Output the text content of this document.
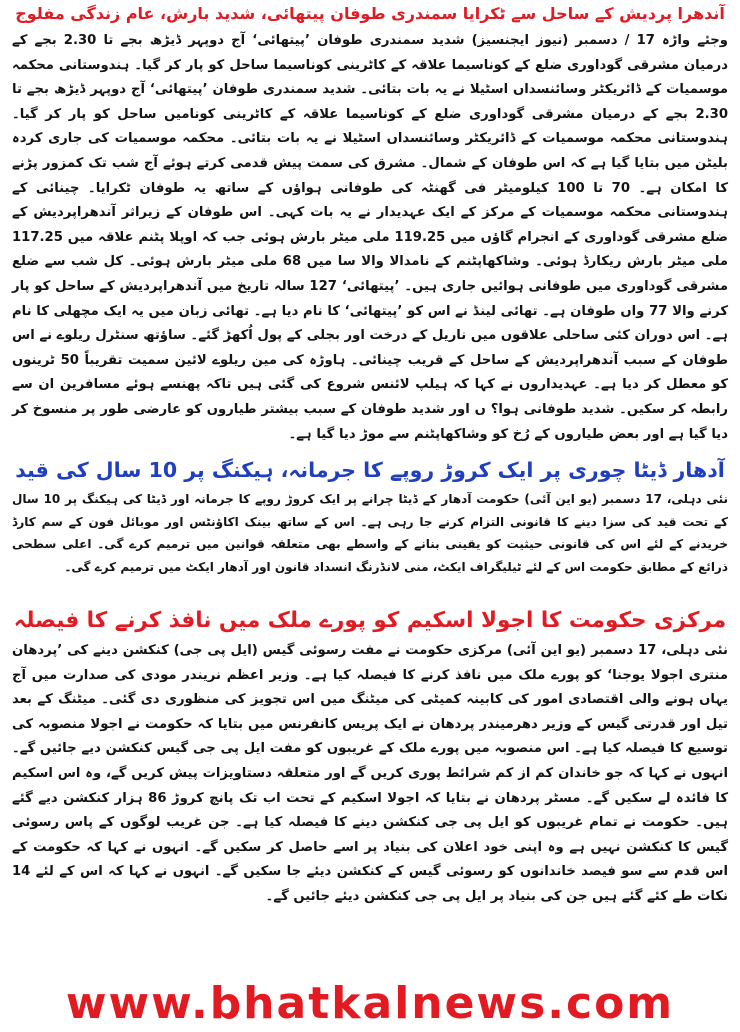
آندھرا پردیش کے ساحل سے ٹکرایا سمندری طوفان پیتھائی، شدید بارش، عام زندگی مفلوج
وجئے واڑہ 17 / دسمبر (نیوز ایجنسیز) شدید سمندری طوفان ’پیتھائی‘ آج دوپہر ڈیڑھ بجے تا 2.30 بجے کے درمیان مشرقی گوداوری ضلع کے کوناسیما علاقہ کے کاٹرینی کوناسیما ساحل کو پار کر گیا۔ ہندوستانی محکمہ موسمیات کے ڈائریکٹر وسائنسداں اسٹیلا نے یہ بات بتائی۔ شدید سمندری طوفان ’پیتھائی‘ آج دوپہر ڈیڑھ بجے تا 2.30 بجے کے درمیان مشرقی گوداوری ضلع کے کوناسیما علاقہ کے کاٹرینی کونامیں ساحل کو پار کر گیا۔ ہندوستانی محکمہ موسمیات کے ڈائریکٹر وسائنسداں اسٹیلا نے یہ بات بتائی۔ محکمہ موسمیات کی جاری کردہ بلیٹن میں بتایا گیا ہے کہ اس طوفان کے شمال۔ مشرق کی سمت پیش قدمی کرتے ہوئے آج شب تک کمزور پڑنے کا امکان ہے۔ 70 تا 100 کیلومیٹر فی گھنٹہ کی طوفانی ہواؤں کے ساتھ یہ طوفان ٹکرایا۔ چینائی کے ہندوستانی محکمہ موسمیات کے مرکز کے ایک عہدیدار نے یہ بات کہی۔ اس طوفان کے زیراثر آندھراپردیش کے ضلع مشرقی گوداوری کے انجرام گاؤں میں 119.25 ملی میٹر بارش ہوئی جب کہ اوپلا پٹنم علاقہ میں 117.25 ملی میٹر بارش ریکارڈ ہوئی۔ وشاکھاپٹنم کے نامدالا والا سا میں 68 ملی میٹر بارش ہوئی۔ کل شب سے ضلع مشرقی گوداوری میں طوفانی ہوائیں جاری ہیں۔ ’پیتھائی‘ 127 سالہ تاریخ میں آندھراپردیش کے ساحل کو پار کرنے والا 77 واں طوفان ہے۔ تھائی لینڈ نے اس کو ’پیتھائی‘ کا نام دیا ہے۔ تھائی زبان میں یہ ایک مچھلی کا نام ہے۔ اس دوران کئی ساحلی علاقوں میں ناریل کے درخت اور بجلی کے پول اُکھڑ گئے۔ ساؤتھ سنٹرل ریلوے نے اس طوفان کے سبب آندھراپردیش کے ساحل کے قریب چینائی۔ ہاوڑہ کی مین ریلوے لائین سمیت تقریباً 50 ٹرینوں کو معطل کر دیا ہے۔ عہدیداروں نے کہا کہ ہیلپ لائنس شروع کی گئی ہیں تاکہ پھنسے ہوئے مسافرین ان سے رابطہ کر سکیں۔ شدید طوفانی ہوا؟ ں اور شدید طوفان کے سبب بیشتر طیاروں کو عارضی طور پر منسوخ کر دیا گیا ہے اور بعض طیاروں کے رُخ کو وشاکھاپٹنم سے موڑ دیا گیا ہے۔
آدھار ڈیٹا چوری پر ایک کروڑ روپے کا جرمانہ، ہیکنگ پر 10 سال کی قید
نئی دہلی، 17 دسمبر (یو این آئی) حکومت آدھار کے ڈیٹا چرانے پر ایک کروڑ روپے کا جرمانہ اور ڈیٹا کی ہیکنگ پر 10 سال کے تحت قید کی سزا دینے کا قانونی التزام کرنے جا رہی ہے۔ اس کے ساتھ بینک اکاؤنٹس اور موبائل فون کے سم کارڈ خریدنے کے لئے اس کی قانونی حیثیت کو یقینی بنانے کے واسطے بھی متعلقہ قوانین میں ترمیم کرے گی۔ اعلی سطحی ذرائع کے مطابق حکومت اس کے لئے ٹیلیگراف ایکٹ، منی لانڈرنگ انسداد قانون اور آدھار ایکٹ میں ترمیم کرے گی۔
مرکزی حکومت کا اجولا اسکیم کو پورے ملک میں نافذ کرنے کا فیصلہ
نئی دہلی، 17 دسمبر (یو این آئی) مرکزی حکومت نے مفت رسوئی گیس (ایل پی جی) کنکشن دینے کی ’پردھان منتری اجولا یوجنا‘ کو پورے ملک میں نافذ کرنے کا فیصلہ کیا ہے۔ وزیر اعظم نریندر مودی کی صدارت میں آج یہاں ہونے والی اقتصادی امور کی کابینہ کمیٹی کی میٹنگ میں اس تجویز کی منظوری دی گئی۔ میٹنگ کے بعد تیل اور قدرتی گیس کے وزیر دھرمیندر پردھان نے ایک پریس کانفرنس میں بتایا کہ حکومت نے اجولا منصوبہ کی توسیع کا فیصلہ کیا ہے۔ اس منصوبہ میں پورے ملک کے غریبوں کو مفت ایل پی جی گیس کنکشن دیے جائیں گے۔ انہوں نے کہا کہ جو خاندان کم از کم شرائط پوری کریں گے اور متعلقہ دستاویزات پیش کریں گے، وہ اس اسکیم کا فائدہ لے سکیں گے۔ مسٹر پردھان نے بتایا کہ اجولا اسکیم کے تحت اب تک پانچ کروڑ 86 ہزار کنکشن دیے گئے ہیں۔ حکومت نے تمام غریبوں کو ایل پی جی کنکشن دینے کا فیصلہ کیا ہے۔ جن غریب لوگوں کے پاس رسوئی گیس کا کنکشن نہیں ہے وہ اپنی خود اعلان کی بنیاد پر اسے حاصل کر سکیں گے۔ انہوں نے کہا کہ حکومت کے اس قدم سے سو فیصد خاندانوں کو رسوئی گیس کے کنکشن دیئے جا سکیں گے۔ انہوں نے کہا کہ اس کے لئے 14 نکات طے کئے گئے ہیں جن کی بنیاد پر ایل پی جی کنکشن دیئے جائیں گے۔
www.bhatkalnews.com
